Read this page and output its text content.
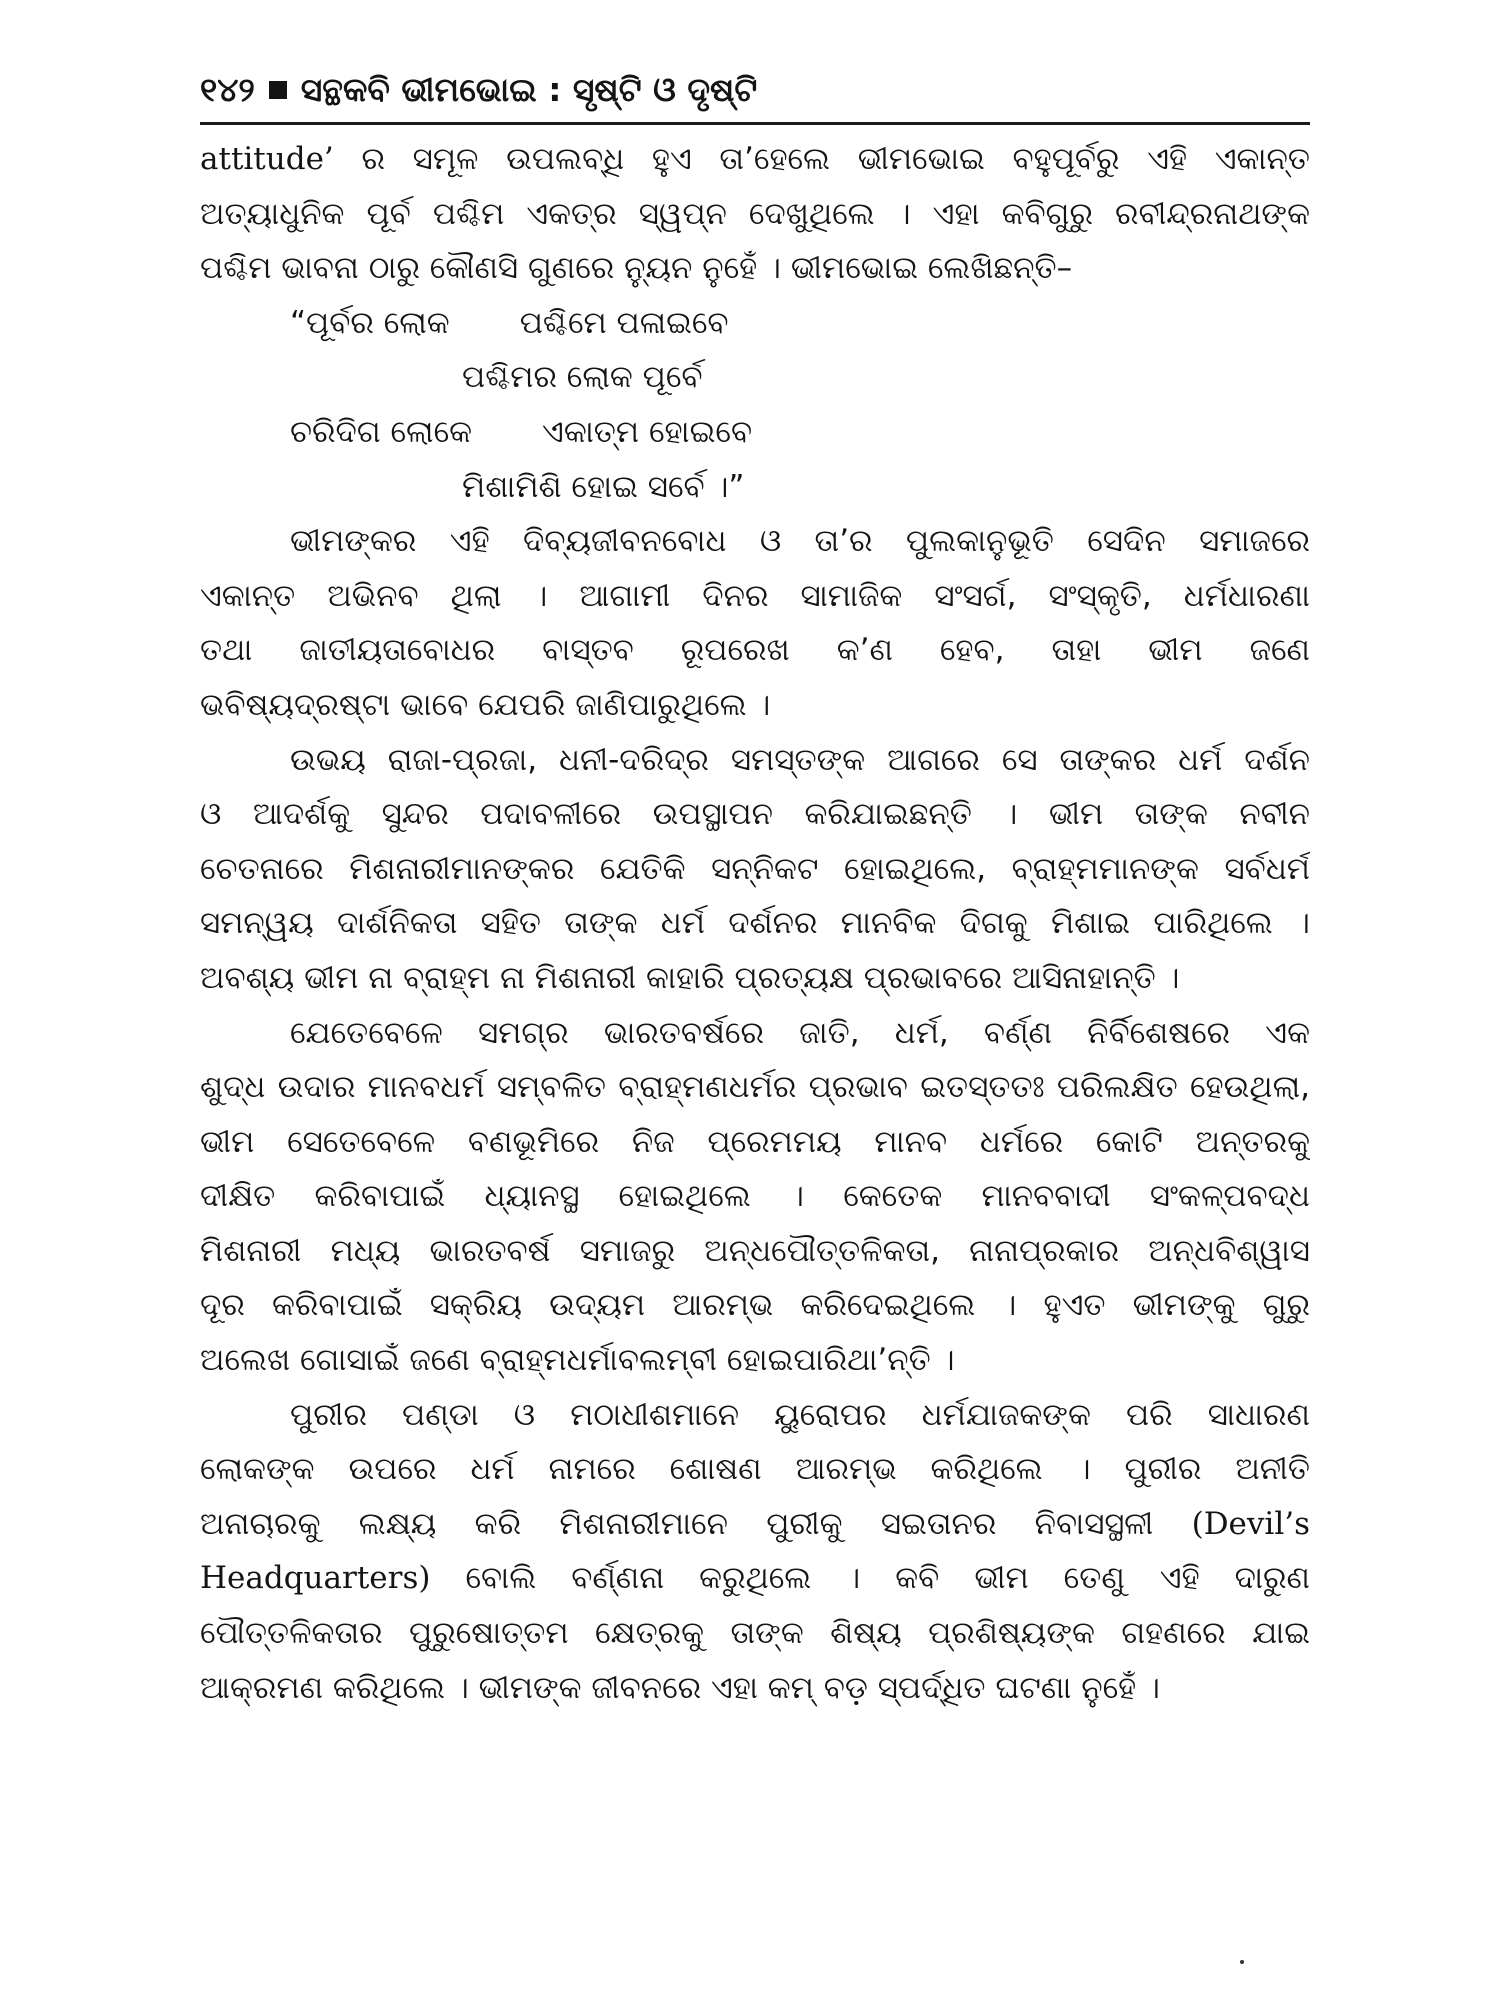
୧୪୨ ସନ୍ଥକବି ଭୀମଭୋଇ : ସୃଷ୍ଟି ଓ ଦୃଷ୍ଟି
attitude’ ର ସମୂଳ ଉପଲବ୍ଧି ହୁଏ ତା’ହେଲେ ଭୀମଭୋଇ ବହୁପୂର୍ବରୁ ଏହି ଏକାନ୍ତ
ଅତ୍ୟାଧୁନିକ ପୂର୍ବ ପଶ୍ଚିମ ଏକତ୍ର ସ୍ୱପ୍ନ ଦେଖୁଥିଲେ । ଏହା କବିଗୁରୁ ରବୀନ୍ଦ୍ରନାଥଙ୍କ
ପଶ୍ଚିମ ଭାବନା ଠାରୁ କୌଣସି ଗୁଣରେ ନ୍ୟୁନ ନୁହେଁ । ଭୀମଭୋଇ ଲେଖିଛନ୍ତି–
“ପୂର୍ବର ଲୋକ ପଶ୍ଚିମେ ପଳାଇବେ
ପଶ୍ଚିମର ଲୋକ ପୂର୍ବେ
ଚରିଦିଗ ଲୋକେ ଏକାତ୍ମ ହୋଇବେ
ମିଶାମିଶି ହୋଇ ସର୍ବେ ।”
ଭୀମଙ୍କର ଏହି ଦିବ୍ୟଜୀବନବୋଧ ଓ ତା’ର ପୁଲକାନୁଭୂତି ସେଦିନ ସମାଜରେ
ଏକାନ୍ତ ଅଭିନବ ଥିଲା । ଆଗାମୀ ଦିନର ସାମାଜିକ ସଂସର୍ଗ, ସଂସ୍କୃତି, ଧର୍ମଧାରଣା
ତଥା ଜାତୀୟତାବୋଧର ବାସ୍ତବ ରୂପରେଖ କ’ଣ ହେବ, ତାହା ଭୀମ ଜଣେ
ଭବିଷ୍ୟଦ୍ରଷ୍ଟା ଭାବେ ଯେପରି ଜାଣିପାରୁଥିଲେ ।
ଉଭୟ ରାଜା-ପ୍ରଜା, ଧନୀ-ଦରିଦ୍ର ସମସ୍ତଙ୍କ ଆଗରେ ସେ ତାଙ୍କର ଧର୍ମ ଦର୍ଶନ
ଓ ଆଦର୍ଶକୁ ସୁନ୍ଦର ପଦାବଳୀରେ ଉପସ୍ଥାପନ କରିଯାଇଛନ୍ତି । ଭୀମ ତାଙ୍କ ନବୀନ
ଚେତନାରେ ମିଶନାରୀମାନଙ୍କର ଯେତିକି ସନ୍ନିକଟ ହୋଇଥିଲେ, ବ୍ରାହ୍ମମାନଙ୍କ ସର୍ବଧର୍ମ
ସମନ୍ୱୟ ଦାର୍ଶନିକତା ସହିତ ତାଙ୍କ ଧର୍ମ ଦର୍ଶନର ମାନବିକ ଦିଗକୁ ମିଶାଇ ପାରିଥିଲେ ।
ଅବଶ୍ୟ ଭୀମ ନା ବ୍ରାହ୍ମ ନା ମିଶନାରୀ କାହାରି ପ୍ରତ୍ୟକ୍ଷ ପ୍ରଭାବରେ ଆସିନାହାନ୍ତି ।
ଯେତେବେଳେ ସମଗ୍ର ଭାରତବର୍ଷରେ ଜାତି, ଧର୍ମ, ବର୍ଣ୍ଣ ନିର୍ବିଶେଷରେ ଏକ
ଶୁଦ୍ଧ ଉଦାର ମାନବଧର୍ମ ସମ୍ବଳିତ ବ୍ରାହ୍ମଣଧର୍ମର ପ୍ରଭାବ ଇତସ୍ତତଃ ପରିଲକ୍ଷିତ ହେଉଥିଲା,
ଭୀମ ସେତେବେଳେ ବଣଭୂମିରେ ନିଜ ପ୍ରେମମୟ ମାନବ ଧର୍ମରେ କୋଟି ଅନ୍ତରକୁ
ଦୀକ୍ଷିତ କରିବାପାଇଁ ଧ୍ୟାନସ୍ଥ ହୋଇଥିଲେ । କେତେକ ମାନବବାଦୀ ସଂକଳ୍ପବଦ୍ଧ
ମିଶନାରୀ ମଧ୍ୟ ଭାରତବର୍ଷ ସମାଜରୁ ଅନ୍ଧପୌତ୍ତଳିକତା, ନାନାପ୍ରକାର ଅନ୍ଧବିଶ୍ୱାସ
ଦୂର କରିବାପାଇଁ ସକ୍ରିୟ ଉଦ୍ୟମ ଆରମ୍ଭ କରିଦେଇଥିଲେ । ହୁଏତ ଭୀମଙ୍କୁ ଗୁରୁ
ଅଲେଖ ଗୋସାଇଁ ଜଣେ ବ୍ରାହ୍ମଧର୍ମାବଲମ୍ବୀ ହୋଇପାରିଥା’ନ୍ତି ।
ପୁରୀର ପଣ୍ଡା ଓ ମଠାଧୀଶମାନେ ୟୁରୋପର ଧର୍ମଯାଜକଙ୍କ ପରି ସାଧାରଣ
ଲୋକଙ୍କ ଉପରେ ଧର୍ମ ନାମରେ ଶୋଷଣ ଆରମ୍ଭ କରିଥିଲେ । ପୁରୀର ଅନୀତି
ଅନାଚାରକୁ ଲକ୍ଷ୍ୟ କରି ମିଶନାରୀମାନେ ପୁରୀକୁ ସଇତାନର ନିବାସସ୍ଥଳୀ (Devil’s
Headquarters) ବୋଲି ବର୍ଣ୍ଣନା କରୁଥିଲେ । କବି ଭୀମ ତେଣୁ ଏହି ଦାରୁଣ
ପୌତ୍ତଳିକତାର ପୁରୁଷୋତ୍ତମ କ୍ଷେତ୍ରକୁ ତାଙ୍କ ଶିଷ୍ୟ ପ୍ରଶିଷ୍ୟଙ୍କ ଗହଣରେ ଯାଇ
ଆକ୍ରମଣ କରିଥିଲେ । ଭୀମଙ୍କ ଜୀବନରେ ଏହା କମ୍ ବଡ଼ ସ୍ପର୍ଦ୍ଧିତ ଘଟଣା ନୁହେଁ ।
